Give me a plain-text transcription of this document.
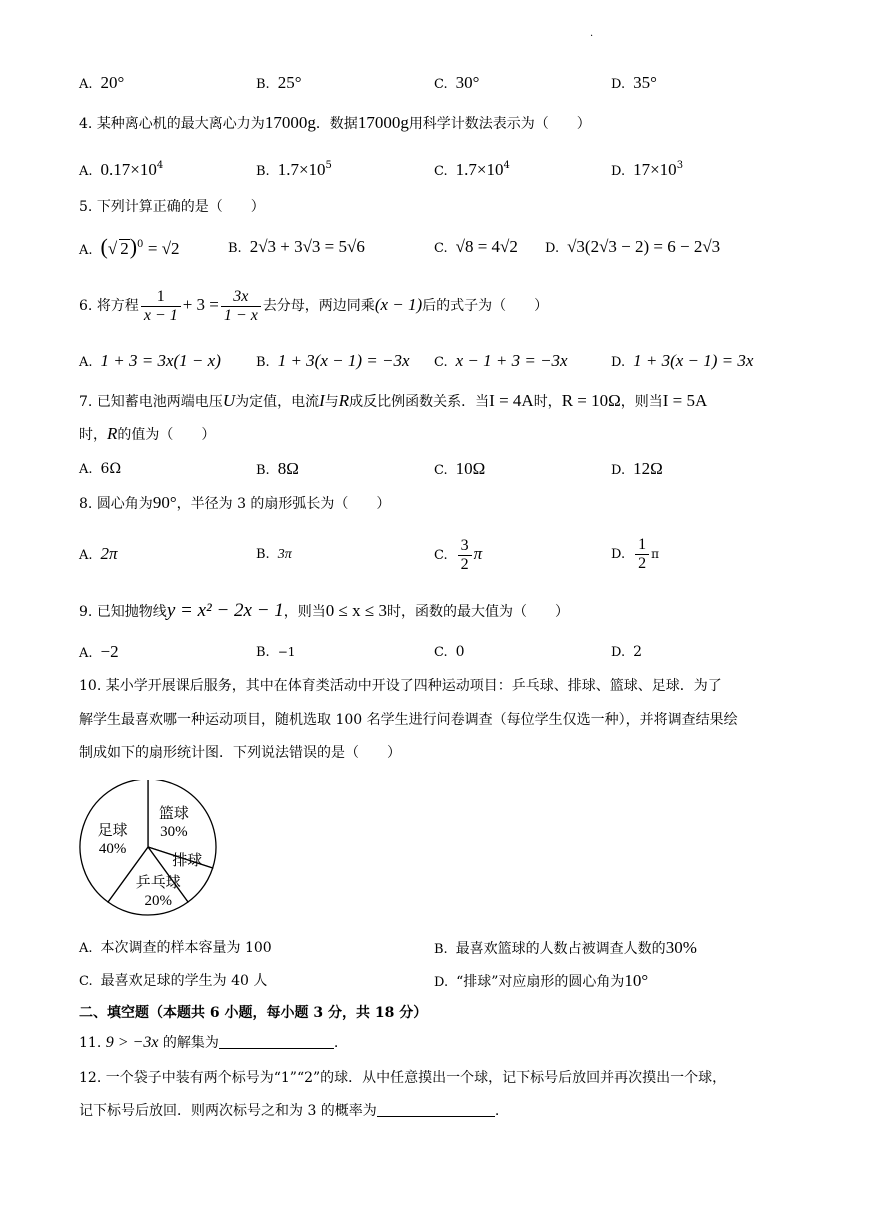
.
A. 20°	B. 25°	C. 30°	D. 35°
4. 某种离心机的最大离心力为17000g．数据17000g用科学计数法表示为（　　）
A. $0.17\times 10^4$	B. $1.7\times 10^5$	C. $1.7\times 10^4$	D. $17\times 10^3$
5. 下列计算正确的是（　　）
A. (√ 2)$^0$ = √2	B. 2√3 + 3√3 = 5√6	C. √8 = 4√2 D. √3(2√3 − 2) = 6 − 2√3
6. 将方程 $\frac{1}{x - 1} + 3 = \frac{3x}{1 - x}$ 去分母，两边同乘(x − 1)后的式子为（　　）
A. 1 + 3 = 3x(1 − x)	B. 1 + 3(x − 1) = −3x C. x − 1 + 3 = −3x	D. 1 + 3(x − 1) = 3x
7. 已知蓄电池两端电压U为定值，电流I与R成反比例函数关系．当I = 4A时，R = 10Ω，则当I = 5A
时，R的值为（　　）
A. 6Ω	B. 8Ω	C. 10Ω	D. 12Ω
8. 圆心角为90°，半径为 3 的扇形弧长为（　　）
A. 2π	B. 3π	C. $\frac{3}{2}$ π	D. $\frac{1}{2}$ π
9. 已知抛物线y = x² − 2x − 1，则当0 ≤ x ≤ 3时，函数的最大值为（　　）
A. −2	B. −1	C. 0	D. 2
10. 某小学开展课后服务，其中在体育类活动中开设了四种运动项目：乒乓球、排球、篮球、足球．为了
解学生最喜欢哪一种运动项目，随机选取 100 名学生进行问卷调查（每位学生仅选一种），并将调查结果绘
制成如下的扇形统计图．下列说法错误的是（　　）
篮球
30%
排球
乒乓球
20%
足球
40%
A. 本次调查的样本容量为 100	B. 最喜欢篮球的人数占被调查人数的30%
C. 最喜欢足球的学生为 40 人	D. “排球”对应扇形的圆心角为10°
二、填空题（本题共 6 小题，每小题 3 分，共 18 分）
11. 9 > −3x 的解集为	.
12. 一个袋子中装有两个标号为“1”“2”的球．从中任意摸出一个球，记下标号后放回并再次摸出一个球，
记下标号后放回．则两次标号之和为 3 的概率为	.
